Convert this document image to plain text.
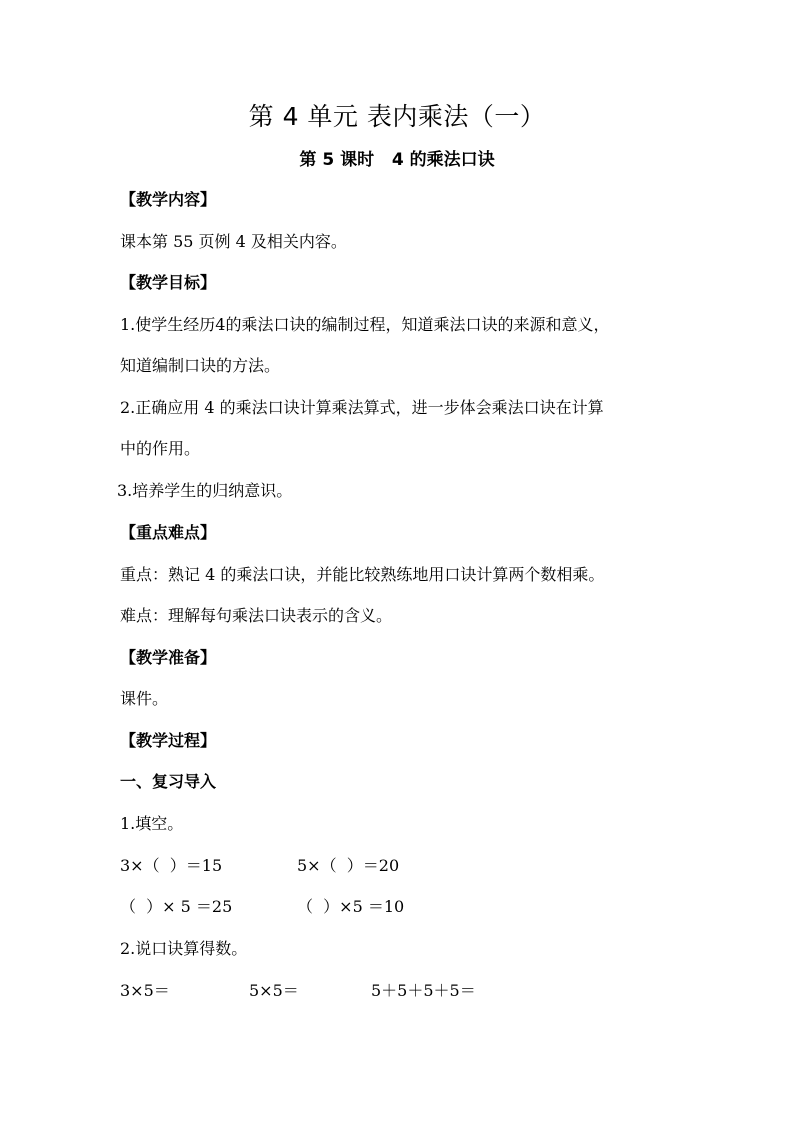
第 4 单元 表内乘法（一）
第 5 课时   4 的乘法口诀
【教学内容】
课本第 55 页例 4 及相关内容。
【教学目标】
1.使学生经历4的乘法口诀的编制过程，知道乘法口诀的来源和意义，
知道编制口诀的方法。
2.正确应用 4 的乘法口诀计算乘法算式，进一步体会乘法口诀在计算
中的作用。
3.培养学生的归纳意识。
【重点难点】
重点：熟记 4 的乘法口诀，并能比较熟练地用口诀计算两个数相乘。
难点：理解每句乘法口诀表示的含义。
【教学准备】
课件。
【教学过程】
一、复习导入
1.填空。
3×（  ）＝15	5×（  ）＝20
（  ）× 5 ＝25	（  ）×5 ＝10
2.说口诀算得数。
3×5＝	5×5＝	5＋5＋5＋5＝
